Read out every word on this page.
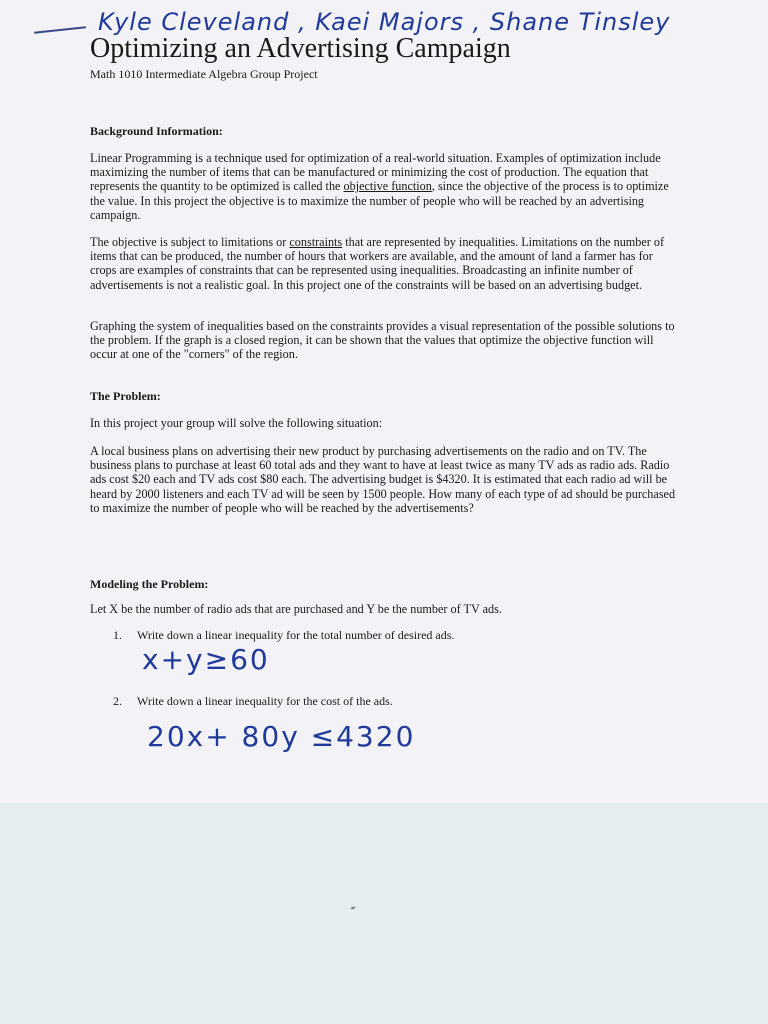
Kyle Cleveland , Kaei Majors , Shane Tinsley
Optimizing an Advertising Campaign

Math 1010 Intermediate Algebra Group Project

Background Information:

Linear Programming is a technique used for optimization of a real-world situation. Examples of optimization include maximizing the number of items that can be manufactured or minimizing the cost of production. The equation that represents the quantity to be optimized is called the objective function, since the objective of the process is to optimize the value. In this project the objective is to maximize the number of people who will be reached by an advertising campaign.

The objective is subject to limitations or constraints that are represented by inequalities. Limitations on the number of items that can be produced, the number of hours that workers are available, and the amount of land a farmer has for crops are examples of constraints that can be represented using inequalities. Broadcasting an infinite number of advertisements is not a realistic goal. In this project one of the constraints will be based on an advertising budget.

Graphing the system of inequalities based on the constraints provides a visual representation of the possible solutions to the problem. If the graph is a closed region, it can be shown that the values that optimize the objective function will occur at one of the "corners" of the region.

The Problem:

In this project your group will solve the following situation:

A local business plans on advertising their new product by purchasing advertisements on the radio and on TV. The business plans to purchase at least 60 total ads and they want to have at least twice as many TV ads as radio ads. Radio ads cost $20 each and TV ads cost $80 each. The advertising budget is $4320. It is estimated that each radio ad will be heard by 2000 listeners and each TV ad will be seen by 1500 people. How many of each type of ad should be purchased to maximize the number of people who will be reached by the advertisements?

Modeling the Problem:

Let X be the number of radio ads that are purchased and Y be the number of TV ads.

1. Write down a linear inequality for the total number of desired ads.

x+y≥60

2. Write down a linear inequality for the cost of the ads.

20x+ 80y ≤4320
